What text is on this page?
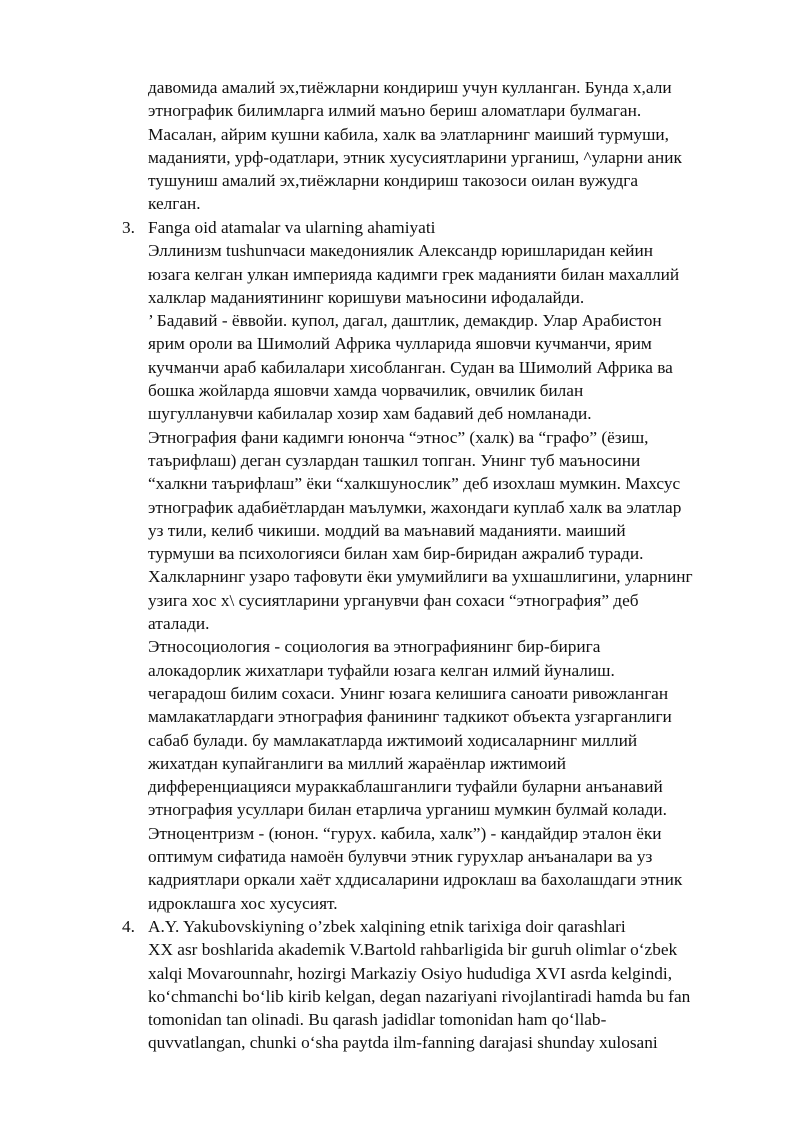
давомида амалий эх,тиёжларни кондириш учун кулланган. Бунда х,али
этнографик билимларга илмий маъно бериш аломатлари булмаган.
Масалан, айрим кушни кабила, халк ва элатларнинг маиший турмуши,
маданияти, урф-одатлари, этник хусусиятларини урганиш, ^уларни аник
тушуниш амалий эх,тиёжларни кондириш такозоси оилан вужудга
келган.
3. Fanga oid atamalar va ularning ahamiyati
Эллинизм tushunчаси македониялик Александр юришларидан кейин
юзага келган улкан империяда кадимги грек маданияти билан махаллий
халклар маданиятининг коришуви маъносини ифодалайди.
’ Бадавий - ёввойи. купол, дагал, даштлик, демакдир. Улар Арабистон
ярим ороли ва Шимолий Африка чулларида яшовчи кучманчи, ярим
кучманчи араб кабилалари хисобланган. Судан ва Шимолий Африка ва
бошка жойларда яшовчи хамда чорвачилик, овчилик билан
шугулланувчи кабилалар хозир хам бадавий деб номланади.
Этнография фани кадимги юнонча “этнос” (халк) ва “графо” (ёзиш,
таърифлаш) деган сузлардан ташкил топган. Унинг туб маъносини
“халкни таърифлаш” ёки “халкшунослик” деб изохлаш мумкин. Махсус
этнографик адабиётлардан маълумки, жахондаги куплаб халк ва элатлар
уз тили, келиб чикиши. моддий ва маънавий маданияти. маиший
турмуши ва психологияси билан хам бир-биридан ажралиб туради.
Халкларнинг узаро тафовути ёки умумийлиги ва ухшашлигини, уларнинг
узига хос х\ сусиятларини урганувчи фан сохаси “этнография” деб
аталади.
Этносоциология - социология ва этнографиянинг бир-бирига
алокадорлик жихатлари туфайли юзага келган илмий йуналиш.
чегарадош билим сохаси. Унинг юзага келишига саноати ривожланган
мамлакатлардаги этнография фанининг тадкикот объекта узгарганлиги
сабаб булади. бу мамлакатларда ижтимоий ходисаларнинг миллий
жихатдан купайганлиги ва миллий жараёнлар ижтимоий
дифференциацияси мураккаблашганлиги туфайли буларни анъанавий
этнография усуллари билан етарлича урганиш мумкин булмай колади.
Этноцентризм - (юнон. “гурух. кабила, халк”) - кандайдир эталон ёки
оптимум сифатида намоён булувчи этник гурухлар анъаналари ва уз
кадриятлари оркали хаёт хддисаларини идроклаш ва бахолашдаги этник
идроклашга хос хусусият.
4. A.Y. Yakubovskiyning o’zbek xalqining etnik tarixiga doir qarashlari
XX asr boshlarida akademik V.Bartold rahbarligida bir guruh olimlar o‘zbek
xalqi Movarounnahr, hozirgi Markaziy Osiyo hududiga XVI asrda kelgindi,
ko‘chmanchi bo‘lib kirib kelgan, degan nazariyani rivojlantiradi hamda bu fan
tomonidan tan olinadi. Bu qarash jadidlar tomonidan ham qo‘llab-
quvvatlangan, chunki o‘sha paytda ilm-fanning darajasi shunday xulosani
